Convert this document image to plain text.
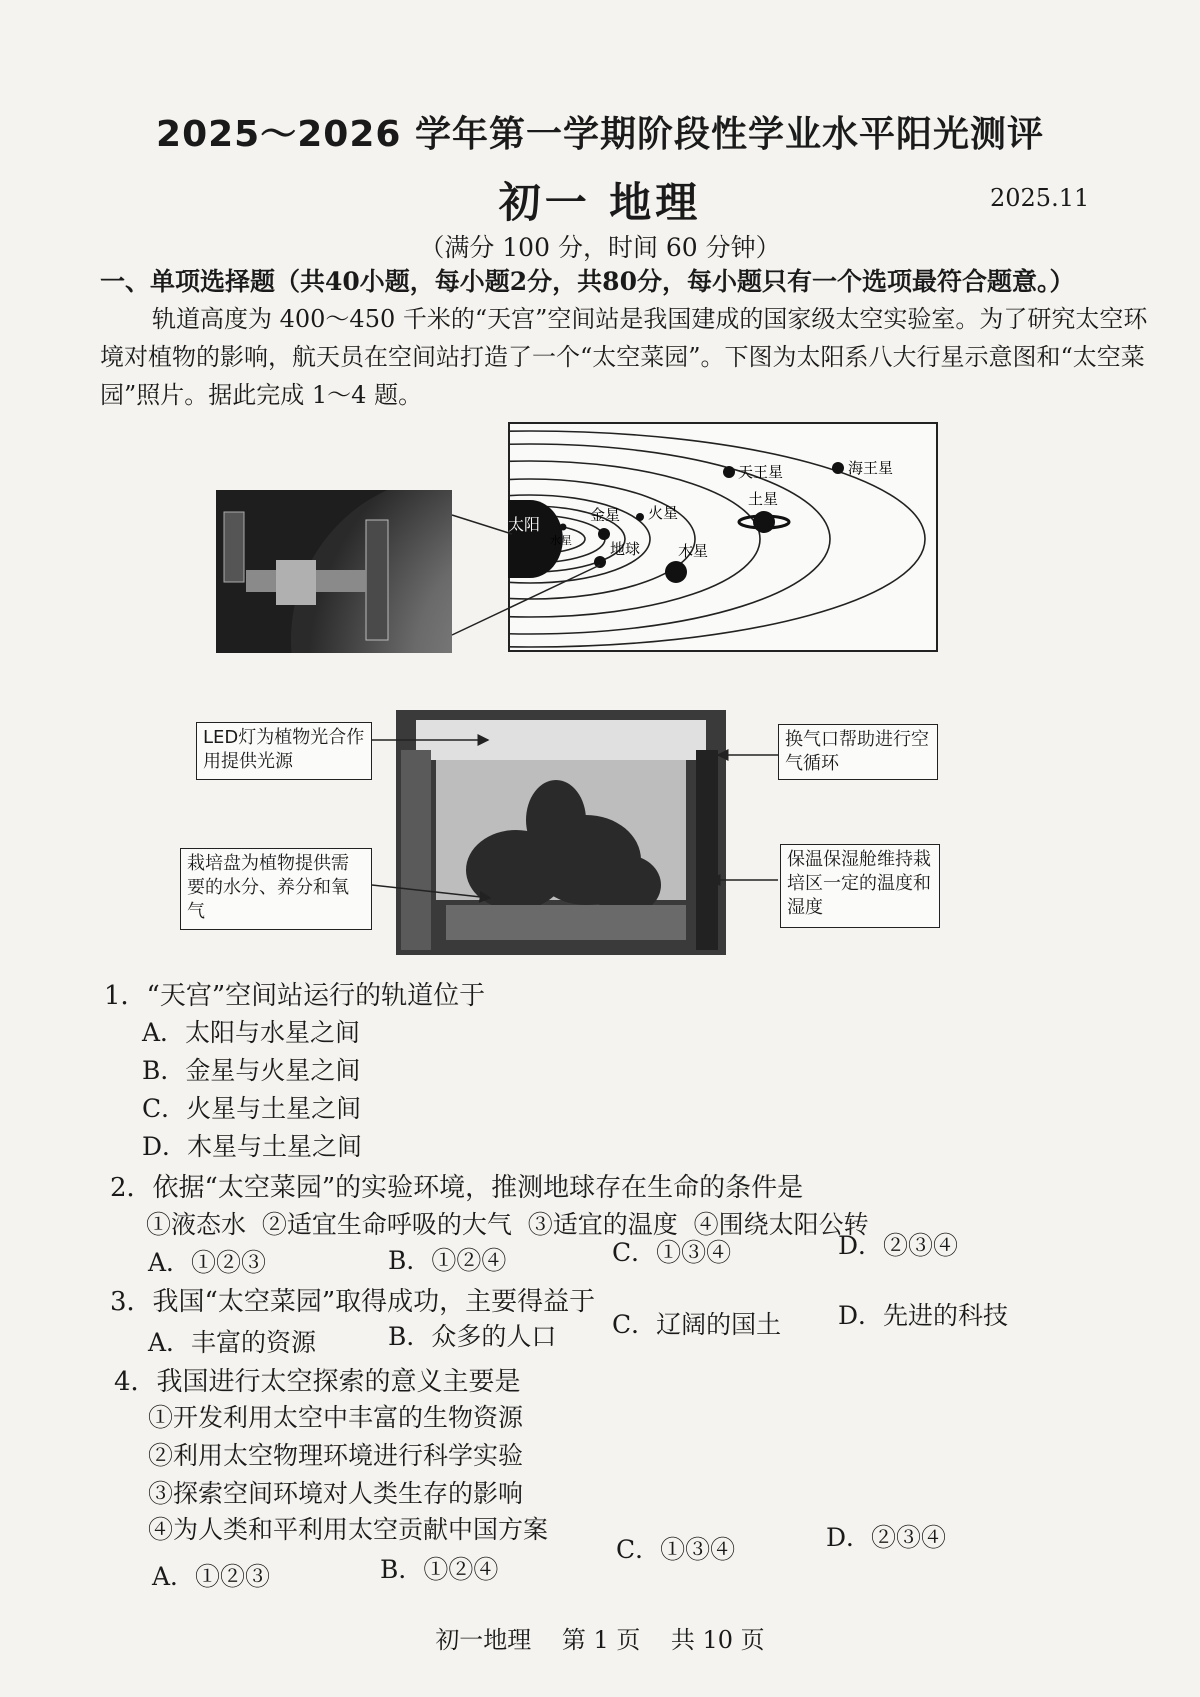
2025～2026 学年第一学期阶段性学业水平阳光测评
初一 地理	2025.11
（满分 100 分，时间 60 分钟）
一、单项选择题（共40小题，每小题2分，共80分，每小题只有一个选项最符合题意。）
轨道高度为 400～450 千米的“天宫”空间站是我国建成的国家级太空实验室。为了研究太空环境对植物的影响，航天员在空间站打造了一个“太空菜园”。下图为太阳系八大行星示意图和“太空菜园”照片。据此完成 1～4 题。
太阳
水星
金星
地球
火星
木星
土星
天王星	海王星
LED灯为植物光合作用提供光源
换气口帮助进行空气循环
栽培盘为植物提供需要的水分、养分和氧气
保温保湿舱维持栽培区一定的温度和湿度
1．“天宫”空间站运行的轨道位于
A．太阳与水星之间
B．金星与火星之间
C．火星与土星之间
D．木星与土星之间
2．依据“太空菜园”的实验环境，推测地球存在生命的条件是
①液态水  ②适宜生命呼吸的大气  ③适宜的温度  ④围绕太阳公转
A．①②③	B．①②④	C．①③④	D．②③④
3．我国“太空菜园”取得成功，主要得益于
A．丰富的资源	B．众多的人口 C．辽阔的国土 D．先进的科技
4．我国进行太空探索的意义主要是
①开发利用太空中丰富的生物资源
②利用太空物理环境进行科学实验
③探索空间环境对人类生存的影响
④为人类和平利用太空贡献中国方案
A．①②③	B．①②④
C．①③④	D．②③④
初一地理    第 1 页    共 10 页
